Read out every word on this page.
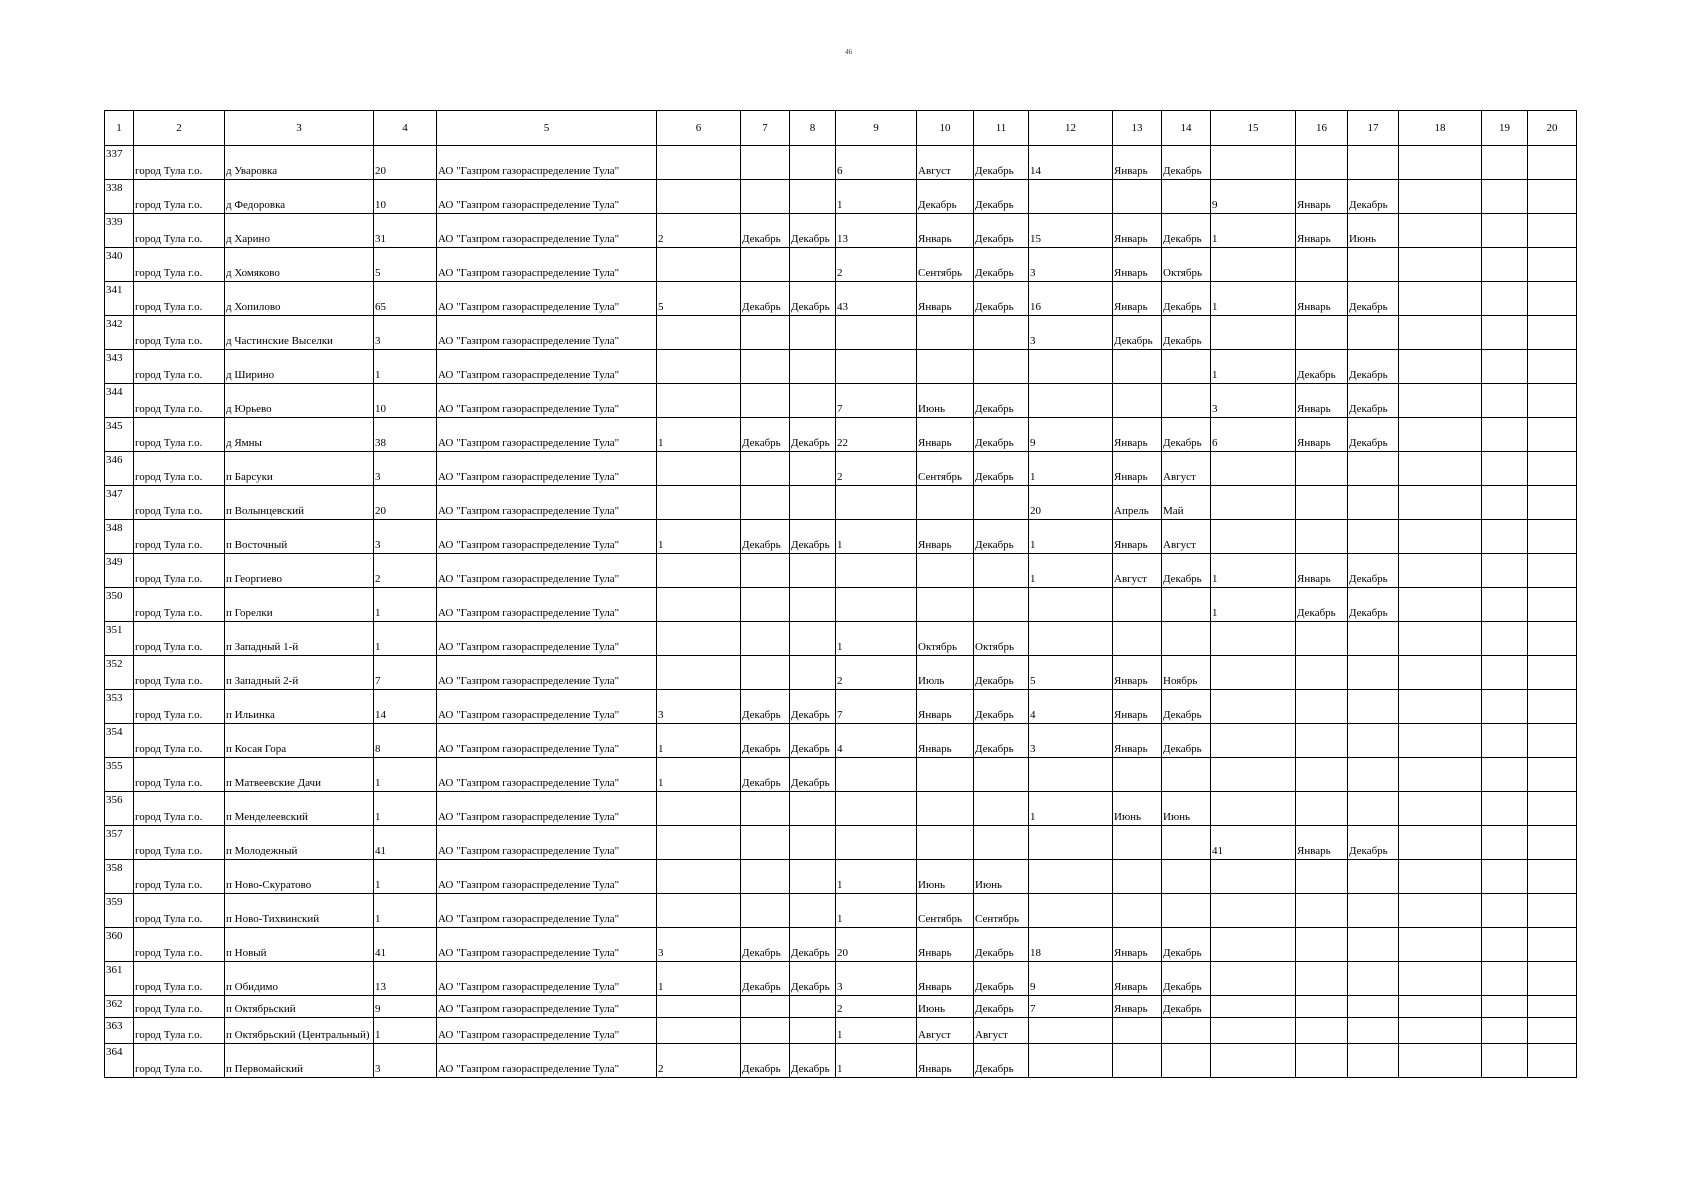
46
1	2	3	4	5	6	7	8	9	10	11	12	13	14	15	16	17	18	19	20
337	город Тула г.о.	д Уваровка	20	АО "Газпром газораспределение Тула"				6	Август	Декабрь	14	Январь	Декабрь						
338	город Тула г.о.	д Федоровка	10	АО "Газпром газораспределение Тула"				1	Декабрь	Декабрь				9	Январь	Декабрь			
339	город Тула г.о.	д Харино	31	АО "Газпром газораспределение Тула"	2	Декабрь	Декабрь	13	Январь	Декабрь	15	Январь	Декабрь	1	Январь	Июнь			
340	город Тула г.о.	д Хомяково	5	АО "Газпром газораспределение Тула"				2	Сентябрь	Декабрь	3	Январь	Октябрь						
341	город Тула г.о.	д Хопилово	65	АО "Газпром газораспределение Тула"	5	Декабрь	Декабрь	43	Январь	Декабрь	16	Январь	Декабрь	1	Январь	Декабрь			
342	город Тула г.о.	д Частинские Выселки	3	АО "Газпром газораспределение Тула"							3	Декабрь	Декабрь						
343	город Тула г.о.	д Ширино	1	АО "Газпром газораспределение Тула"										1	Декабрь	Декабрь			
344	город Тула г.о.	д Юрьево	10	АО "Газпром газораспределение Тула"				7	Июнь	Декабрь				3	Январь	Декабрь			
345	город Тула г.о.	д Ямны	38	АО "Газпром газораспределение Тула"	1	Декабрь	Декабрь	22	Январь	Декабрь	9	Январь	Декабрь	6	Январь	Декабрь			
346	город Тула г.о.	п Барсуки	3	АО "Газпром газораспределение Тула"				2	Сентябрь	Декабрь	1	Январь	Август						
347	город Тула г.о.	п Волынцевский	20	АО "Газпром газораспределение Тула"							20	Апрель	Май						
348	город Тула г.о.	п Восточный	3	АО "Газпром газораспределение Тула"	1	Декабрь	Декабрь	1	Январь	Декабрь	1	Январь	Август						
349	город Тула г.о.	п Георгиево	2	АО "Газпром газораспределение Тула"							1	Август	Декабрь	1	Январь	Декабрь			
350	город Тула г.о.	п Горелки	1	АО "Газпром газораспределение Тула"										1	Декабрь	Декабрь			
351	город Тула г.о.	п Западный 1-й	1	АО "Газпром газораспределение Тула"				1	Октябрь	Октябрь									
352	город Тула г.о.	п Западный 2-й	7	АО "Газпром газораспределение Тула"				2	Июль	Декабрь	5	Январь	Ноябрь						
353	город Тула г.о.	п Ильинка	14	АО "Газпром газораспределение Тула"	3	Декабрь	Декабрь	7	Январь	Декабрь	4	Январь	Декабрь						
354	город Тула г.о.	п Косая Гора	8	АО "Газпром газораспределение Тула"	1	Декабрь	Декабрь	4	Январь	Декабрь	3	Январь	Декабрь						
355	город Тула г.о.	п Матвеевские Дачи	1	АО "Газпром газораспределение Тула"	1	Декабрь	Декабрь												
356	город Тула г.о.	п Менделеевский	1	АО "Газпром газораспределение Тула"							1	Июнь	Июнь						
357	город Тула г.о.	п Молодежный	41	АО "Газпром газораспределение Тула"										41	Январь	Декабрь			
358	город Тула г.о.	п Ново-Скуратово	1	АО "Газпром газораспределение Тула"				1	Июнь	Июнь									
359	город Тула г.о.	п Ново-Тихвинский	1	АО "Газпром газораспределение Тула"				1	Сентябрь	Сентябрь									
360	город Тула г.о.	п Новый	41	АО "Газпром газораспределение Тула"	3	Декабрь	Декабрь	20	Январь	Декабрь	18	Январь	Декабрь						
361	город Тула г.о.	п Обидимо	13	АО "Газпром газораспределение Тула"	1	Декабрь	Декабрь	3	Январь	Декабрь	9	Январь	Декабрь						
362	город Тула г.о.	п Октябрьский	9	АО "Газпром газораспределение Тула"				2	Июнь	Декабрь	7	Январь	Декабрь						
363	город Тула г.о.	п Октябрьский (Центральный)	1	АО "Газпром газораспределение Тула"				1	Август	Август									
364	город Тула г.о.	п Первомайский	3	АО "Газпром газораспределение Тула"	2	Декабрь	Декабрь	1	Январь	Декабрь									
